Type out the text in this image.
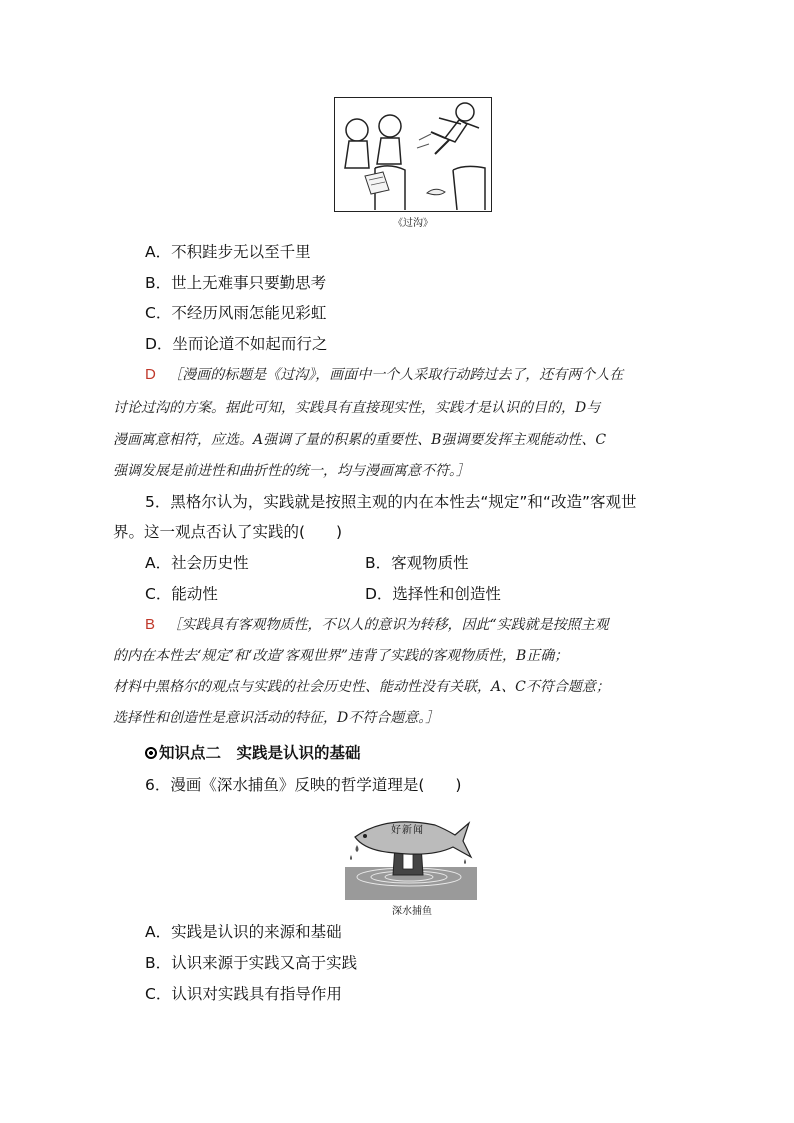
《过沟》
A．不积跬步无以至千里
B．世上无难事只要勤思考
C．不经历风雨怎能见彩虹
D．坐而论道不如起而行之
D ［漫画的标题是《过沟》，画面中一个人采取行动跨过去了，还有两个人在
讨论过沟的方案。据此可知，实践具有直接现实性，实践才是认识的目的，D与
漫画寓意相符，应选。A强调了量的积累的重要性、B强调要发挥主观能动性、C
强调发展是前进性和曲折性的统一，均与漫画寓意不符。］
5．黑格尔认为，实践就是按照主观的内在本性去“规定”和“改造”客观世
界。这一观点否认了实践的(　　)
A．社会历史性	B．客观物质性
C．能动性	D．选择性和创造性
B ［实践具有客观物质性，不以人的意识为转移，因此“实践就是按照主观
的内在本性去‘规定’和‘改造’客观世界”违背了实践的客观物质性，B正确；
材料中黑格尔的观点与实践的社会历史性、能动性没有关联，A、C不符合题意；
选择性和创造性是意识活动的特征，D不符合题意。］
知识点二　实践是认识的基础
6．漫画《深水捕鱼》反映的哲学道理是(　　)
好新闻
深水捕鱼
A．实践是认识的来源和基础
B．认识来源于实践又高于实践
C．认识对实践具有指导作用
